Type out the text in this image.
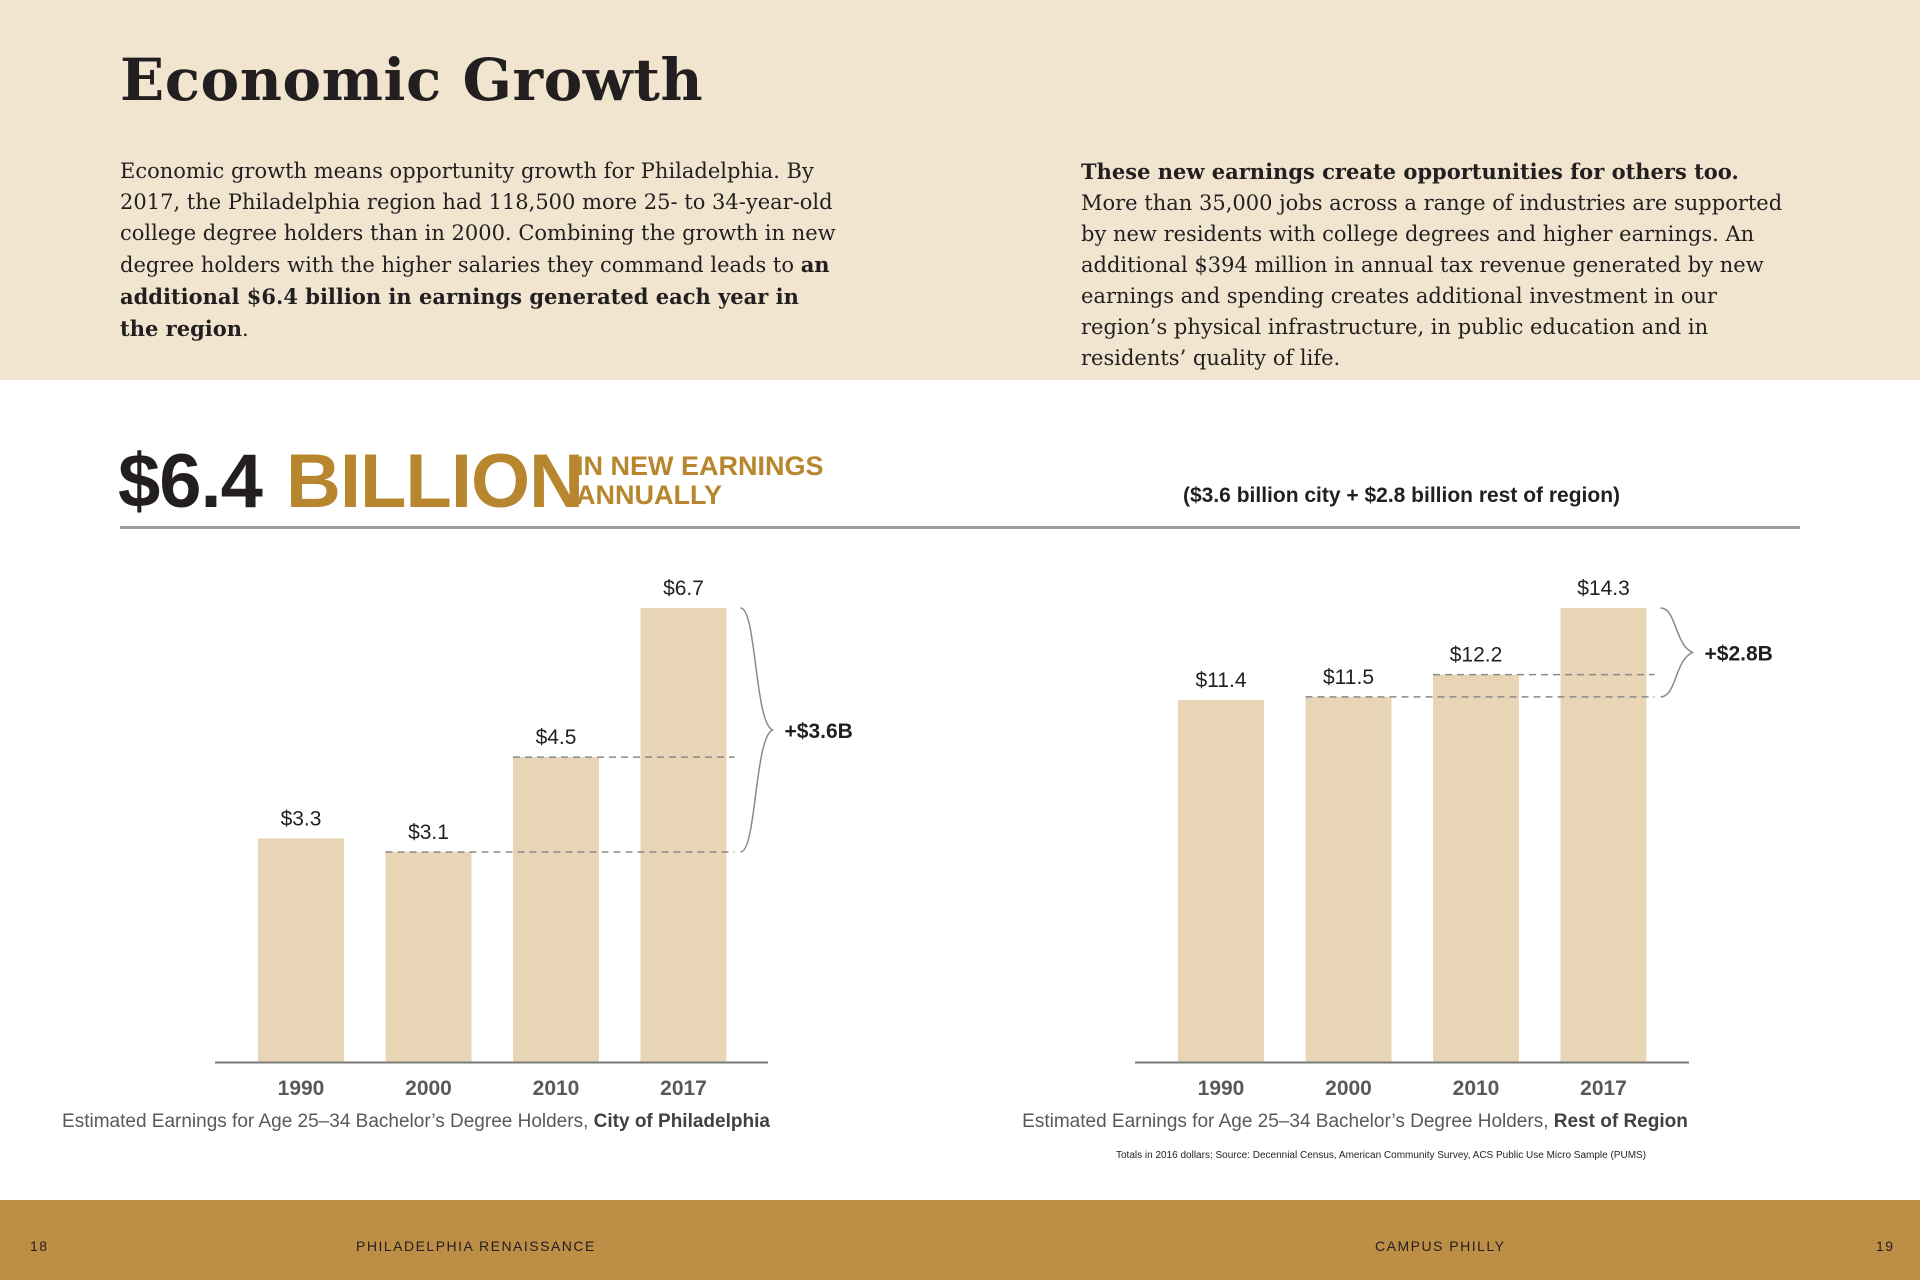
Economic Growth

Economic growth means opportunity growth for Philadelphia. By 2017, the Philadelphia region had 118,500 more 25- to 34-year-old college degree holders than in 2000. Combining the growth in new degree holders with the higher salaries they command leads to an additional $6.4 billion in earnings generated each year in the region.

These new earnings create opportunities for others too. More than 35,000 jobs across a range of industries are supported by new residents with college degrees and higher earnings. An additional $394 million in annual tax revenue generated by new earnings and spending creates additional investment in our region’s physical infrastructure, in public education and in residents’ quality of life.

$6.4 BILLION
IN NEW EARNINGS
ANNUALLY	($3.6 billion city + $2.8 billion rest of region)
$3.3
1990
$3.1
2000
$4.5
2010
$6.7
2017
+$3.6B
Estimated Earnings for Age 25–34 Bachelor’s Degree Holders, City of Philadelphia
$11.4
1990
$11.5
2000
$12.2
2010
$14.3
2017
+$2.8B
Estimated Earnings for Age 25–34 Bachelor’s Degree Holders, Rest of Region
Totals in 2016 dollars; Source: Decennial Census, American Community Survey, ACS Public Use Micro Sample (PUMS)
18	PHILADELPHIA RENAISSANCE	CAMPUS PHILLY	19
